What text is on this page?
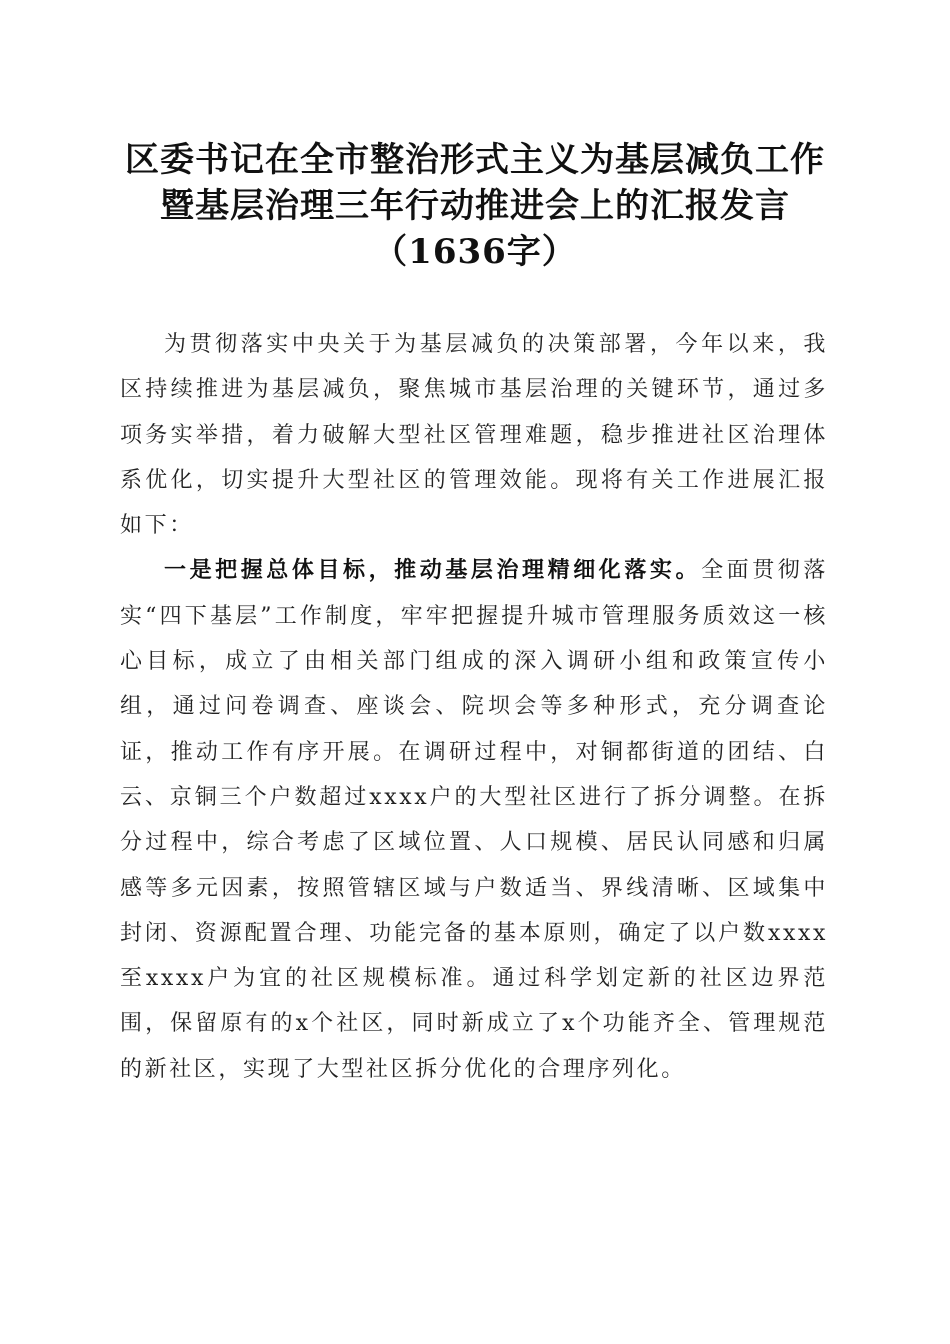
区委书记在全市整治形式主义为基层减负工作
暨基层治理三年行动推进会上的汇报发言
（1636字）

为贯彻落实中央关于为基层减负的决策部署，今年以来，我区持续推进为基层减负，聚焦城市基层治理的关键环节，通过多项务实举措，着力破解大型社区管理难题，稳步推进社区治理体系优化，切实提升大型社区的管理效能。现将有关工作进展汇报如下：

一是把握总体目标，推动基层治理精细化落实。全面贯彻落实“四下基层”工作制度，牢牢把握提升城市管理服务质效这一核心目标，成立了由相关部门组成的深入调研小组和政策宣传小组，通过问卷调查、座谈会、院坝会等多种形式，充分调查论证，推动工作有序开展。在调研过程中，对铜都街道的团结、白云、京铜三个户数超过xxxx户的大型社区进行了拆分调整。在拆分过程中，综合考虑了区域位置、人口规模、居民认同感和归属感等多元因素，按照管辖区域与户数适当、界线清晰、区域集中封闭、资源配置合理、功能完备的基本原则，确定了以户数xxxx至xxxx户为宜的社区规模标准。通过科学划定新的社区边界范围，保留原有的x个社区，同时新成立了x个功能齐全、管理规范的新社区，实现了大型社区拆分优化的合理序列化。
